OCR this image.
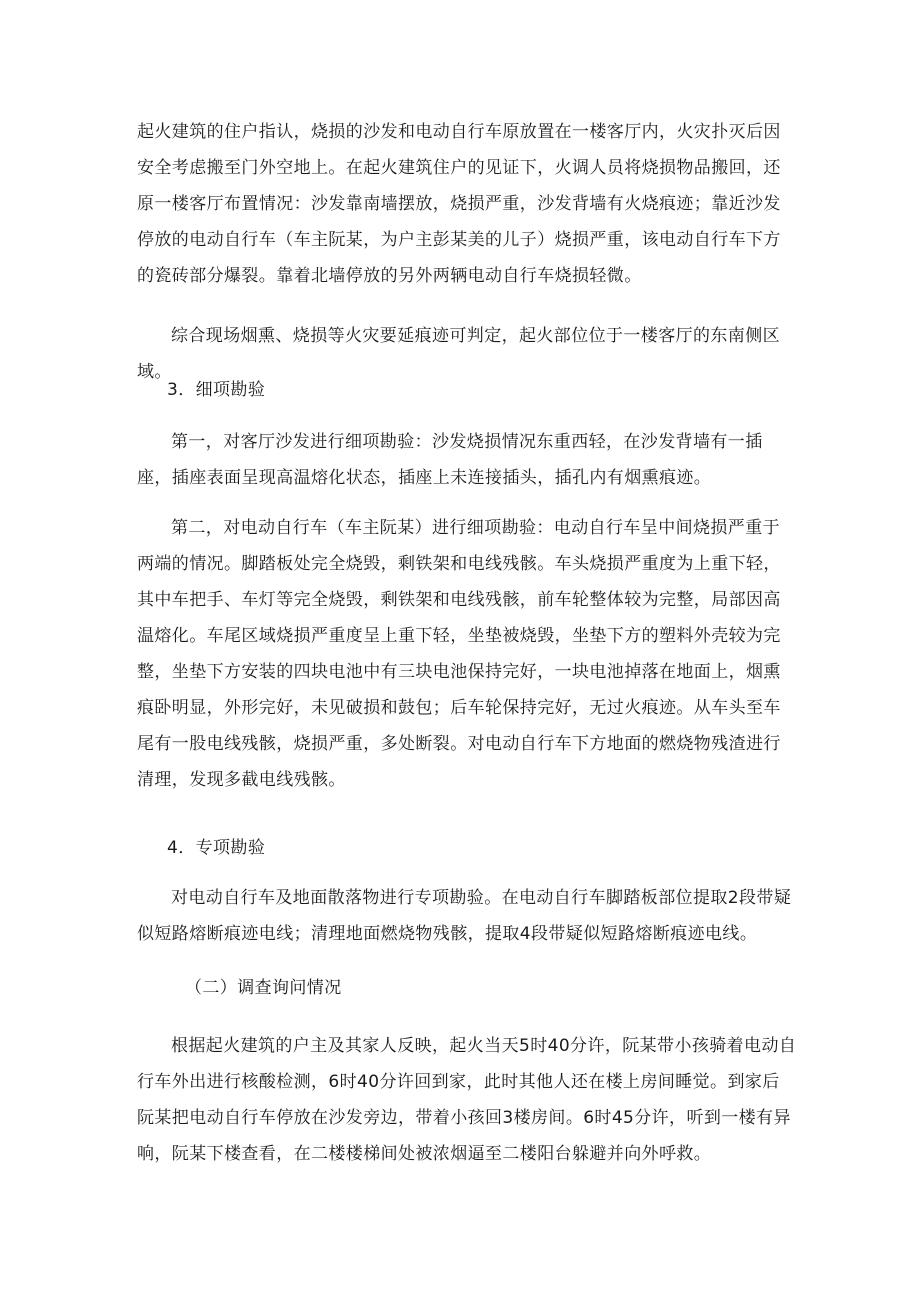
起火建筑的住户指认，烧损的沙发和电动自行车原放置在一楼客厅内，火灾扑灭后因安全考虑搬至门外空地上。在起火建筑住户的见证下，火调人员将烧损物品搬回，还原一楼客厅布置情况：沙发靠南墙摆放，烧损严重，沙发背墙有火烧痕迹；靠近沙发停放的电动自行车（车主阮某，为户主彭某美的儿子）烧损严重，该电动自行车下方的瓷砖部分爆裂。靠着北墙停放的另外两辆电动自行车烧损轻微。

综合现场烟熏、烧损等火灾要延痕迹可判定，起火部位位于一楼客厅的东南侧区域。

3．细项勘验

第一，对客厅沙发进行细项勘验：沙发烧损情况东重西轻，在沙发背墙有一插座，插座表面呈现高温熔化状态，插座上未连接插头，插孔内有烟熏痕迹。

第二，对电动自行车（车主阮某）进行细项勘验：电动自行车呈中间烧损严重于两端的情况。脚踏板处完全烧毁，剩铁架和电线残骸。车头烧损严重度为上重下轻，其中车把手、车灯等完全烧毁，剩铁架和电线残骸，前车轮整体较为完整，局部因高温熔化。车尾区域烧损严重度呈上重下轻，坐垫被烧毁，坐垫下方的塑料外壳较为完整，坐垫下方安装的四块电池中有三块电池保持完好，一块电池掉落在地面上，烟熏痕卧明显，外形完好，未见破损和鼓包；后车轮保持完好，无过火痕迹。从车头至车尾有一股电线残骸，烧损严重，多处断裂。对电动自行车下方地面的燃烧物残渣进行清理，发现多截电线残骸。

4．专项勘验

对电动自行车及地面散落物进行专项勘验。在电动自行车脚踏板部位提取2段带疑似短路熔断痕迹电线；清理地面燃烧物残骸，提取4段带疑似短路熔断痕迹电线。

（二）调查询问情况

根据起火建筑的户主及其家人反映，起火当天5时40分许，阮某带小孩骑着电动自行车外出进行核酸检测，6时40分许回到家，此时其他人还在楼上房间睡觉。到家后阮某把电动自行车停放在沙发旁边，带着小孩回3楼房间。6时45分许，听到一楼有异响，阮某下楼查看，在二楼楼梯间处被浓烟逼至二楼阳台躲避并向外呼救。
